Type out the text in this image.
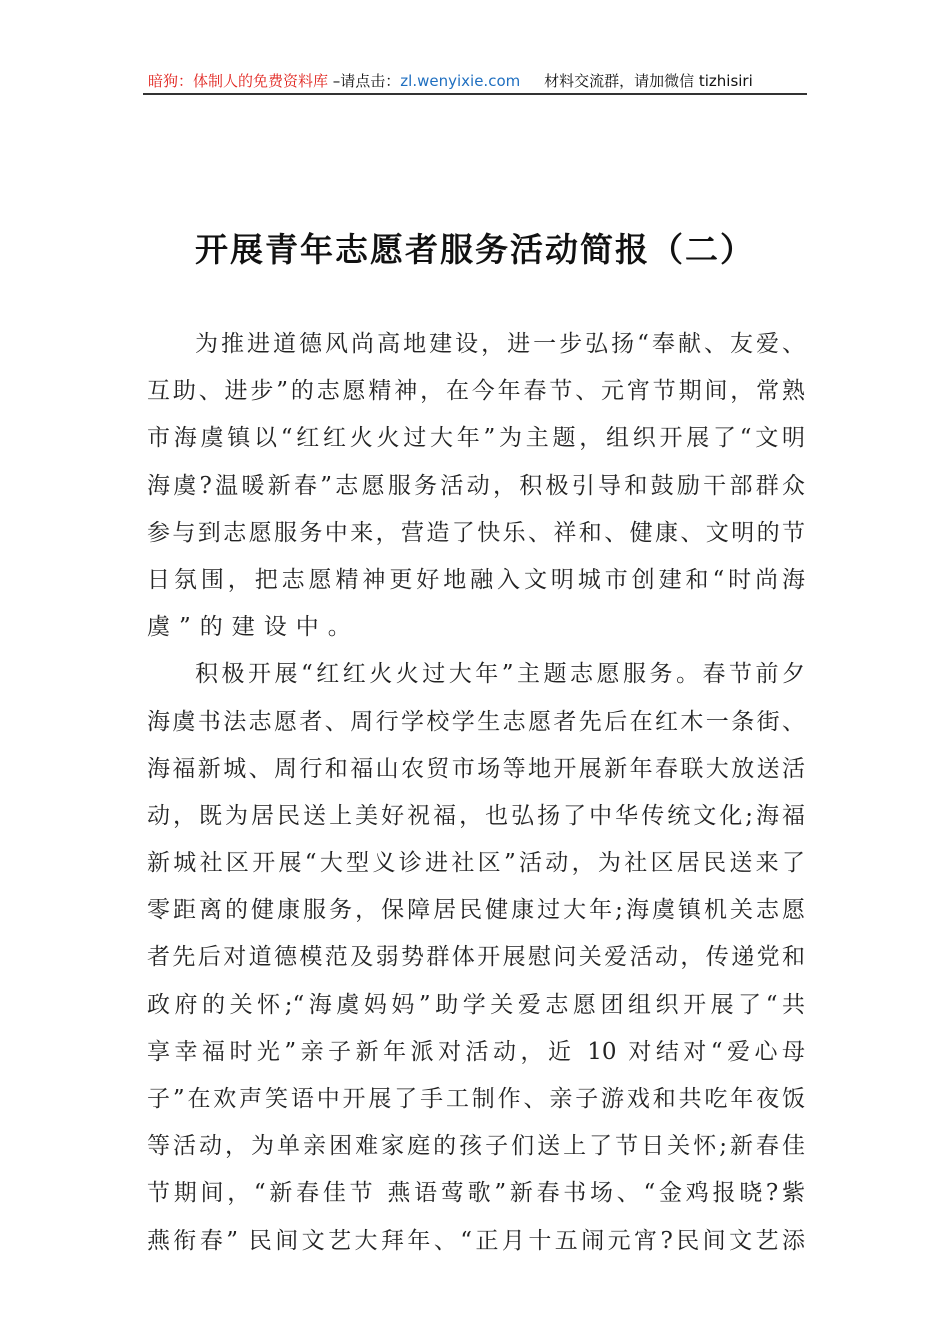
暗狗：体制人的免费资料库 –请点击：zl.wenyixie.com 材料交流群，请加微信 tizhisiri
开展青年志愿者服务活动简报（二）
为推进道德风尚高地建设，进一步弘扬“奉献、友爱、
互助、进步”的志愿精神，在今年春节、元宵节期间，常熟
市海虞镇以“红红火火过大年”为主题，组织开展了“文明
海虞?温暖新春”志愿服务活动，积极引导和鼓励干部群众
参与到志愿服务中来，营造了快乐、祥和、健康、文明的节
日氛围，把志愿精神更好地融入文明城市创建和“时尚海
虞”的建设中。
积极开展“红红火火过大年”主题志愿服务。春节前夕
海虞书法志愿者、周行学校学生志愿者先后在红木一条街、
海福新城、周行和福山农贸市场等地开展新年春联大放送活
动，既为居民送上美好祝福，也弘扬了中华传统文化;海福
新城社区开展“大型义诊进社区”活动，为社区居民送来了
零距离的健康服务，保障居民健康过大年;海虞镇机关志愿
者先后对道德模范及弱势群体开展慰问关爱活动，传递党和
政府的关怀;“海虞妈妈”助学关爱志愿团组织开展了“共
享幸福时光”亲子新年派对活动，近 10 对结对“爱心母
子”在欢声笑语中开展了手工制作、亲子游戏和共吃年夜饭
等活动，为单亲困难家庭的孩子们送上了节日关怀;新春佳
节期间，“新春佳节 燕语莺歌”新春书场、“金鸡报晓?紫
燕衔春” 民间文艺大拜年、“正月十五闹元宵?民间文艺添
